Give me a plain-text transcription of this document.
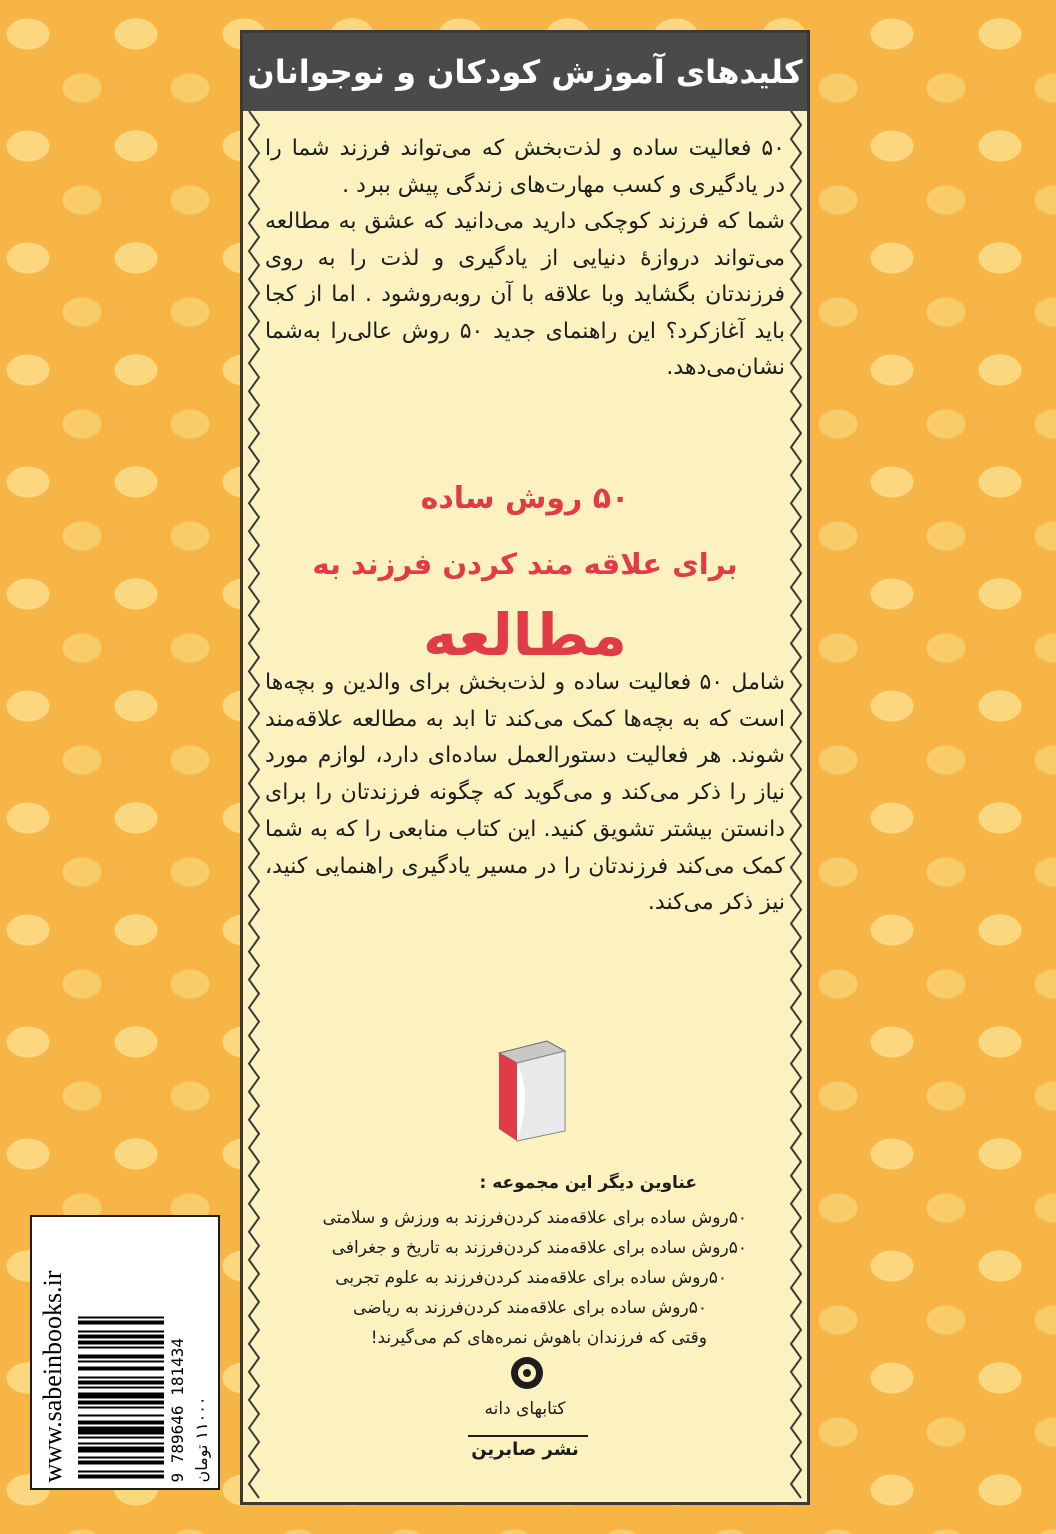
کلیدهای آموزش کودکان و نوجوانان

۵۰ فعالیت ساده و لذت‌بخش که می‌تواند فرزند شما را در یادگیری و کسب مهارت‌های زندگی پیش ببرد .

شما که فرزند کوچکی دارید می‌دانید که عشق به مطالعه می‌تواند دروازهٔ دنیایی از یادگیری و لذت را به روی فرزندتان بگشاید وبا علاقه با آن روبه‌روشود . اما از کجا باید آغازکرد؟ این راهنمای جدید ۵۰ روش عالی‌را به‌شما نشان‌می‌دهد.

۵۰ روش ساده
برای علاقه مند کردن فرزند به
مطالعه
شامل ۵۰ فعالیت ساده و لذت‌بخش برای والدین و بچه‌ها است که به بچه‌ها کمک می‌کند تا ابد به مطالعه علاقه‌مند شوند. هر فعالیت دستورالعمل ساده‌ای دارد، لوازم مورد نیاز را ذکر می‌کند و می‌گوید که چگونه فرزندتان را برای دانستن بیشتر تشویق کنید. این کتاب منابعی را که به شما کمک می‌کند فرزندتان را در مسیر یادگیری راهنمایی کنید، نیز ذکر می‌کند.
عناوین دیگر این مجموعه :
۵۰روش ساده برای علاقه‌مند کردن‌فرزند به ورزش و سلامتی
۵۰روش ساده برای علاقه‌مند کردن‌فرزند به تاریخ و جغرافی
۵۰روش ساده برای علاقه‌مند کردن‌فرزند به علوم تجربی
۵۰روش ساده برای علاقه‌مند کردن‌فرزند به ریاضی
وقتی که فرزندان باهوش نمره‌های کم می‌گیرند!
کتابهای دانه
نشر صابرین
www.sabeinbooks.ir	9 789646 181434 ۱۱۰۰۰ تومان
